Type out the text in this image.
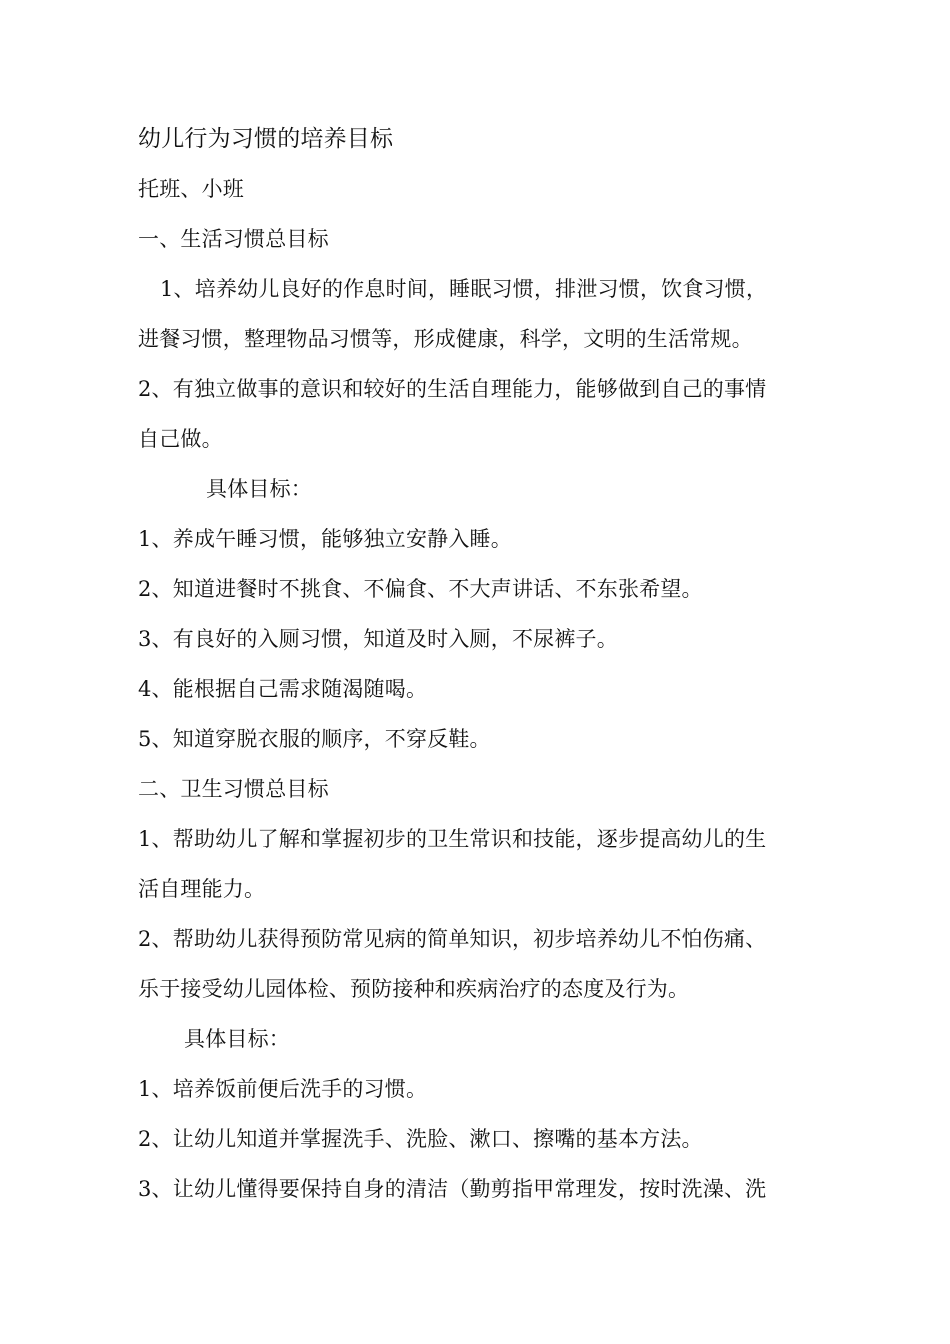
幼儿行为习惯的培养目标
托班、小班
一、生活习惯总目标
1、培养幼儿良好的作息时间，睡眠习惯，排泄习惯，饮食习惯，
进餐习惯，整理物品习惯等，形成健康，科学，文明的生活常规。
2、有独立做事的意识和较好的生活自理能力，能够做到自己的事情
自己做。
具体目标：
1、养成午睡习惯，能够独立安静入睡。
2、知道进餐时不挑食、不偏食、不大声讲话、不东张希望。
3、有良好的入厕习惯，知道及时入厕，不尿裤子。
4、能根据自己需求随渴随喝。
5、知道穿脱衣服的顺序，不穿反鞋。
二、卫生习惯总目标
1、帮助幼儿了解和掌握初步的卫生常识和技能，逐步提高幼儿的生
活自理能力。
2、帮助幼儿获得预防常见病的简单知识，初步培养幼儿不怕伤痛、
乐于接受幼儿园体检、预防接种和疾病治疗的态度及行为。
具体目标：
1、培养饭前便后洗手的习惯。
2、让幼儿知道并掌握洗手、洗脸、漱口、擦嘴的基本方法。
3、让幼儿懂得要保持自身的清洁（勤剪指甲常理发，按时洗澡、洗
